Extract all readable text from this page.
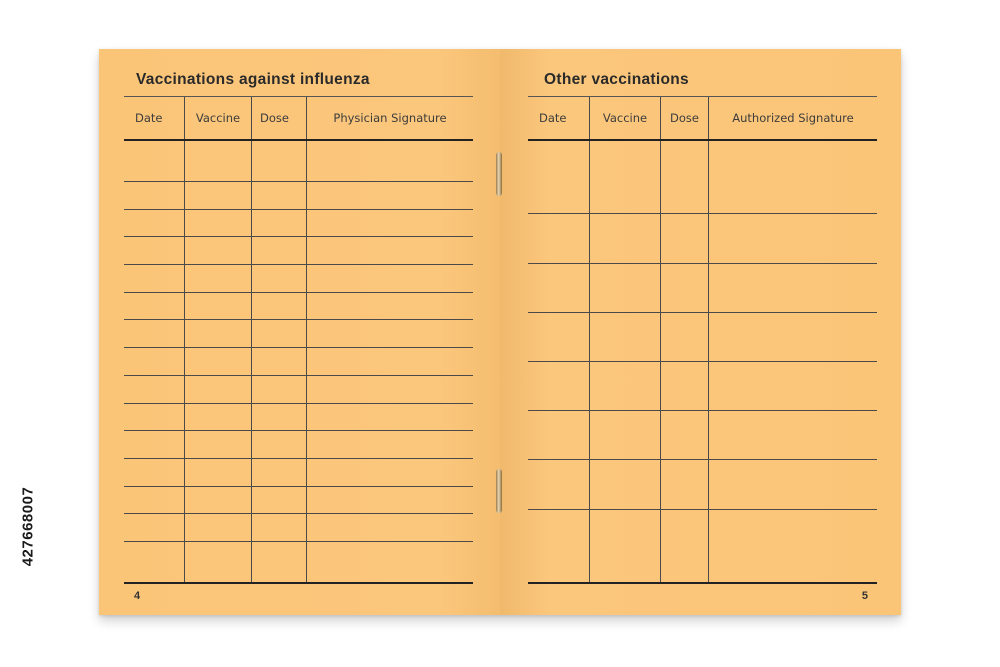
Vaccinations against influenza
Date	Vaccine	Dose	Physician Signature

4
Other vaccinations
Date	Vaccine	Dose	Authorized Signature

5
427668007
